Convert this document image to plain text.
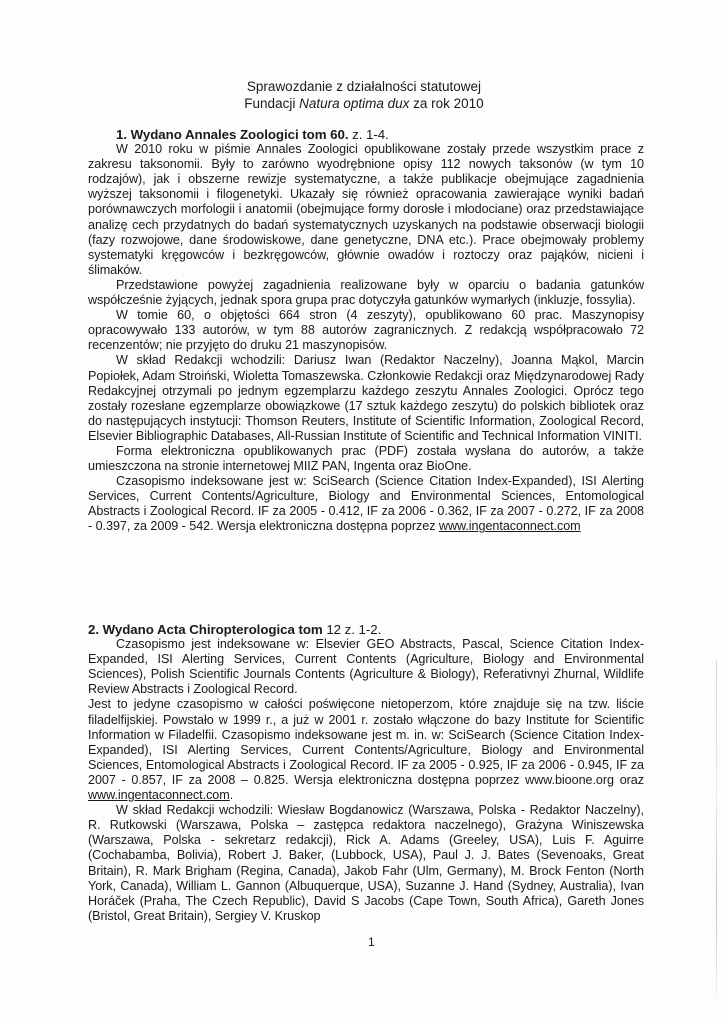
Sprawozdanie z działalności statutowej
Fundacji Natura optima dux za rok 2010

1. Wydano Annales Zoologici tom 60. z. 1-4.

W 2010 roku w piśmie Annales Zoologici opublikowane zostały przede wszystkim prace z zakresu taksonomii. Były to zarówno wyodrębnione opisy 112 nowych taksonów (w tym 10 rodzajów), jak i obszerne rewizje systematyczne, a także publikacje obejmujące zagadnienia wyższej taksonomii i filogenetyki. Ukazały się również opracowania zawierające wyniki badań porównawczych morfologii i anatomii (obejmujące formy dorosłe i młodociane) oraz przedstawiające analizę cech przydatnych do badań systematycznych uzyskanych na podstawie obserwacji biologii (fazy rozwojowe, dane środowiskowe, dane genetyczne, DNA etc.). Prace obejmowały problemy systematyki kręgowców i bezkręgowców, głównie owadów i roztoczy oraz pająków, nicieni i ślimaków.

Przedstawione powyżej zagadnienia realizowane były w oparciu o badania gatunków współcześnie żyjących, jednak spora grupa prac dotyczyła gatunków wymarłych (inkluzje, fossylia).

W tomie 60, o objętości 664 stron (4 zeszyty), opublikowano 60 prac. Maszynopisy opracowywało 133 autorów, w tym 88 autorów zagranicznych. Z redakcją współpracowało 72 recenzentów; nie przyjęto do druku 21 maszynopisów.

W skład Redakcji wchodzili: Dariusz Iwan (Redaktor Naczelny), Joanna Mąkol, Marcin Popiołek, Adam Stroiński, Wioletta Tomaszewska. Członkowie Redakcji oraz Międzynarodowej Rady Redakcyjnej otrzymali po jednym egzemplarzu każdego zeszytu Annales Zoologici. Oprócz tego zostały rozesłane egzemplarze obowiązkowe (17 sztuk każdego zeszytu) do polskich bibliotek oraz do następujących instytucji: Thomson Reuters, Institute of Scientific Information, Zoological Record, Elsevier Bibliographic Databases, All-Russian Institute of Scientific and Technical Information VINITI.

Forma elektroniczna opublikowanych prac (PDF) została wysłana do autorów, a także umieszczona na stronie internetowej MIIZ PAN, Ingenta oraz BioOne.

Czasopismo indeksowane jest w: SciSearch (Science Citation Index-Expanded), ISI Alerting Services, Current Contents/Agriculture, Biology and Environmental Sciences, Entomological Abstracts i Zoological Record. IF za 2005 - 0.412, IF za 2006 - 0.362, IF za 2007 - 0.272, IF za 2008 - 0.397, za 2009 - 542. Wersja elektroniczna dostępna poprzez www.ingentaconnect.com

2. Wydano Acta Chiropterologica tom 12 z. 1-2.

Czasopismo jest indeksowane w: Elsevier GEO Abstracts, Pascal, Science Citation Index-Expanded, ISI Alerting Services, Current Contents (Agriculture, Biology and Environmental Sciences), Polish Scientific Journals Contents (Agriculture & Biology), Referativnyi Zhurnal, Wildlife Review Abstracts i Zoological Record.

Jest to jedyne czasopismo w całości poświęcone nietoperzom, które znajduje się na tzw. liście filadelfijskiej. Powstało w 1999 r., a już w 2001 r. zostało włączone do bazy Institute for Scientific Information w Filadelfii. Czasopismo indeksowane jest m. in. w: SciSearch (Science Citation Index-Expanded), ISI Alerting Services, Current Contents/Agriculture, Biology and Environmental Sciences, Entomological Abstracts i Zoological Record. IF za 2005 - 0.925, IF za 2006 - 0.945, IF za 2007 - 0.857, IF za 2008 – 0.825. Wersja elektroniczna dostępna poprzez www.bioone.org oraz www.ingentaconnect.com.

W skład Redakcji wchodzili: Wiesław Bogdanowicz (Warszawa, Polska - Redaktor Naczelny), R. Rutkowski (Warszawa, Polska – zastępca redaktora naczelnego), Grażyna Winiszewska (Warszawa, Polska - sekretarz redakcji), Rick A. Adams (Greeley, USA), Luis F. Aguirre (Cochabamba, Bolivia), Robert J. Baker, (Lubbock, USA), Paul J. J. Bates (Sevenoaks, Great Britain), R. Mark Brigham (Regina, Canada), Jakob Fahr (Ulm, Germany), M. Brock Fenton (North York, Canada), William L. Gannon (Albuquerque, USA), Suzanne J. Hand (Sydney, Australia), Ivan Horáček (Praha, The Czech Republic), David S Jacobs (Cape Town, South Africa), Gareth Jones (Bristol, Great Britain), Sergiey V. Kruskop

1
